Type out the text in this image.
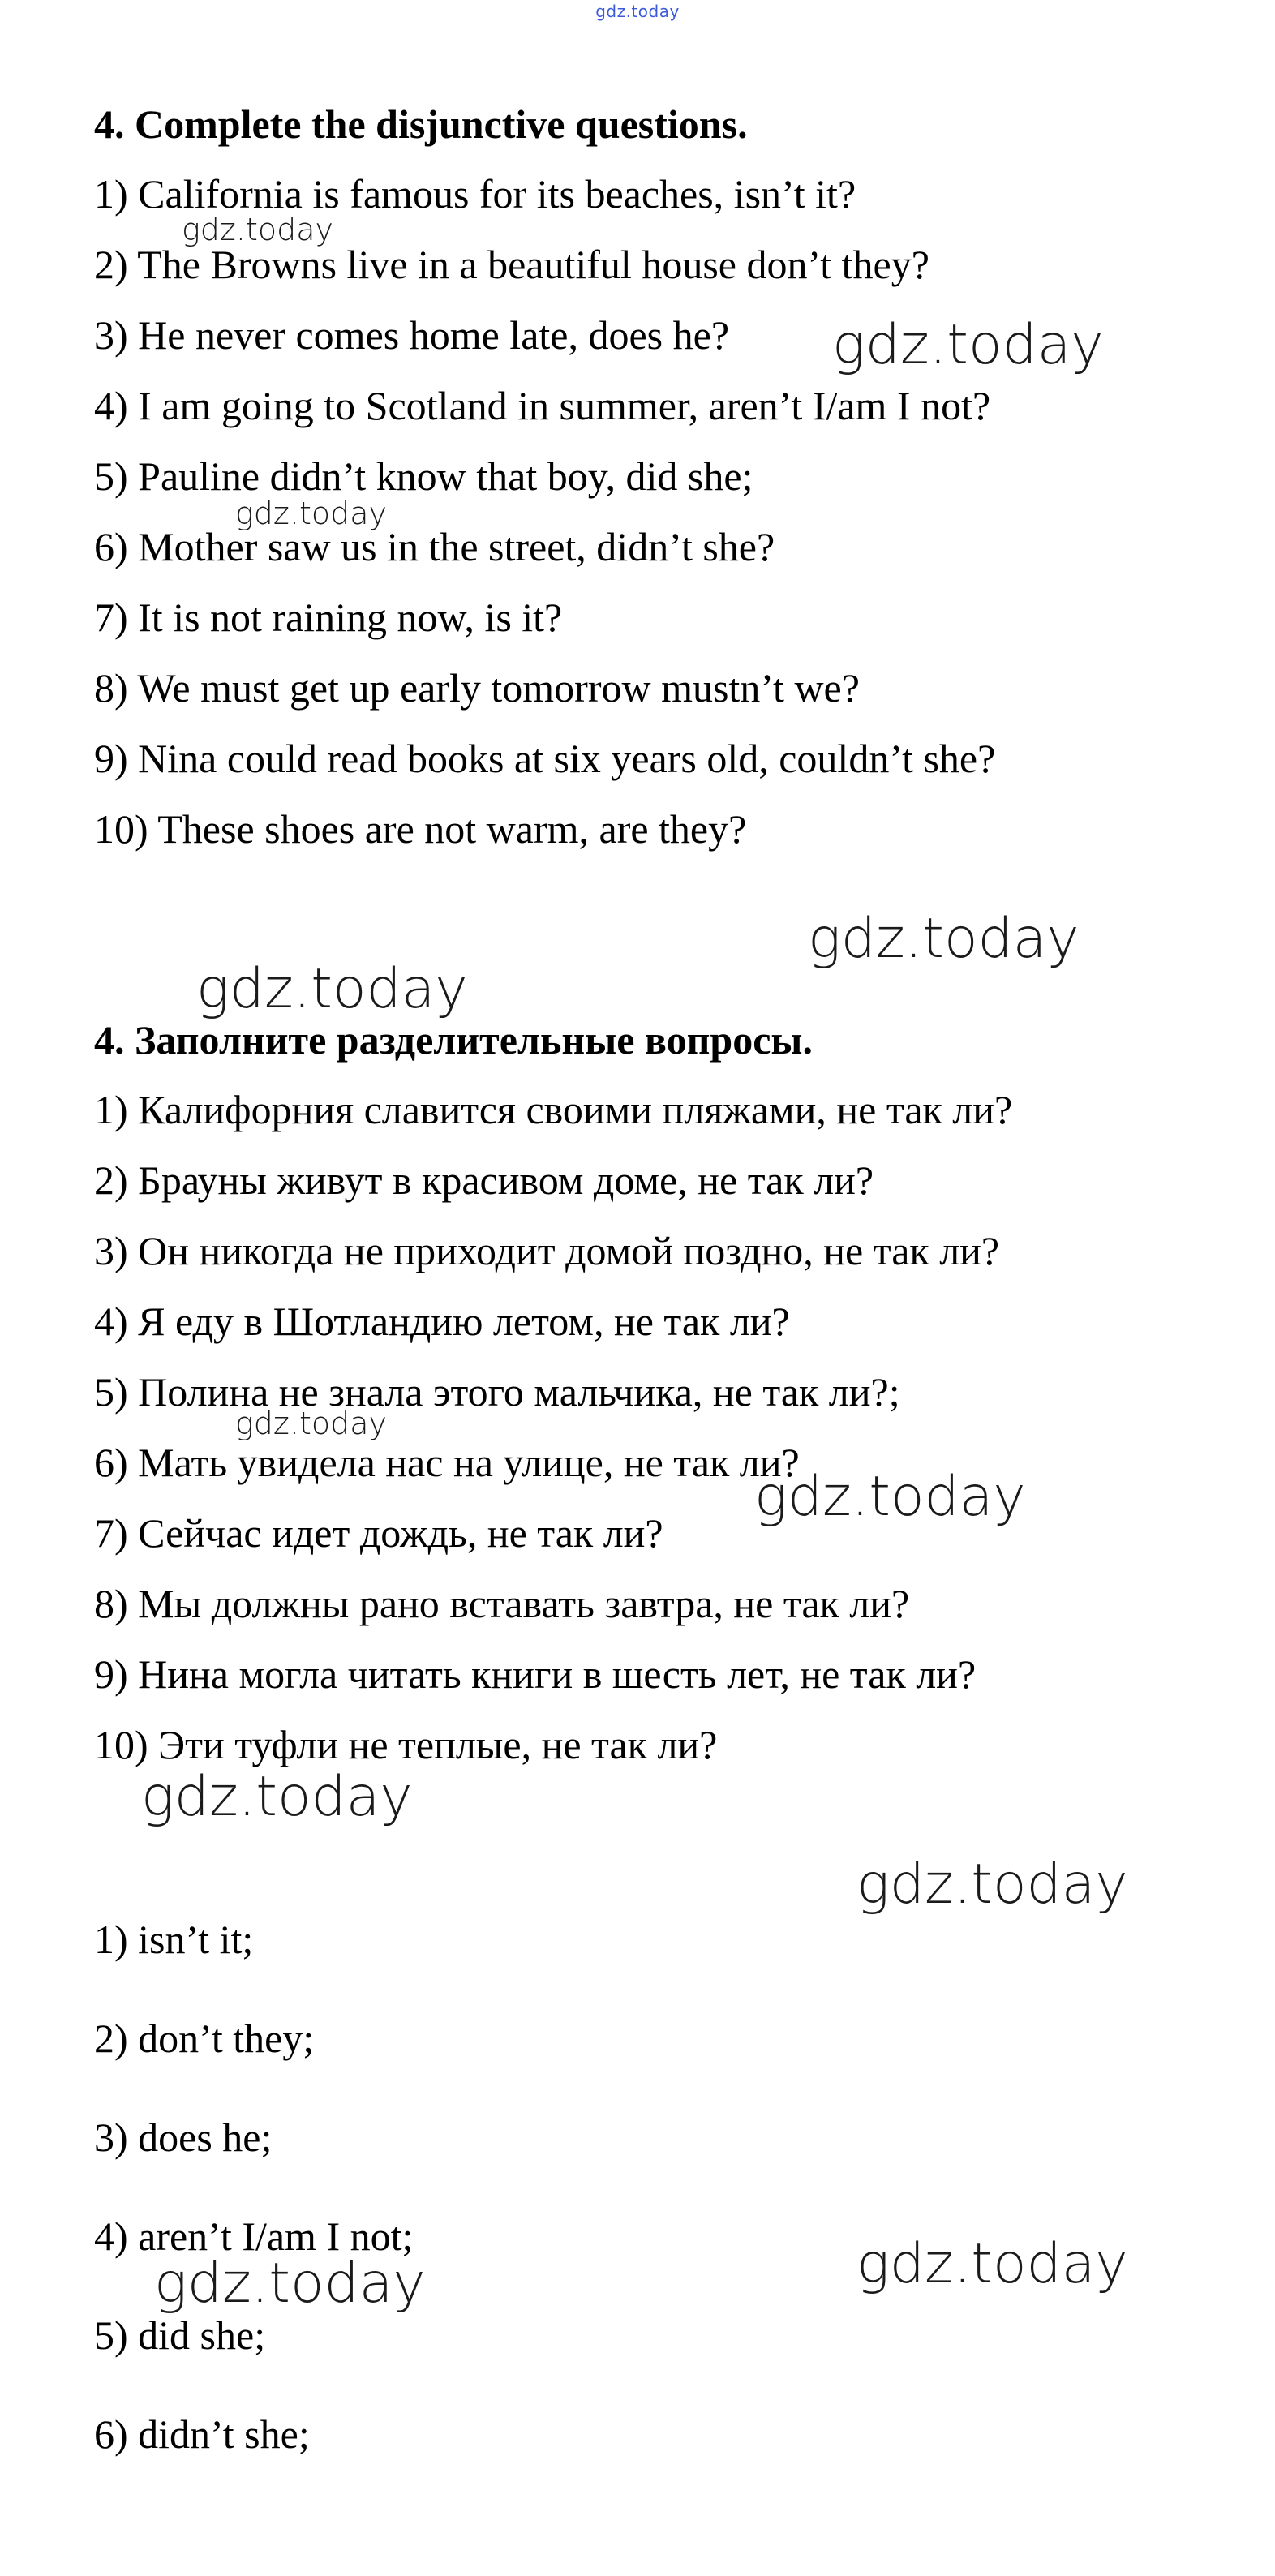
gdz.today
4. Complete the disjunctive questions.
1) California is famous for its beaches, isn’t it?
2) The Browns live in a beautiful house don’t they?
3) He never comes home late, does he?
4) I am going to Scotland in summer, aren’t I/am I not?
5) Pauline didn’t know that boy, did she;
6) Mother saw us in the street, didn’t she?
7) It is not raining now, is it?
8) We must get up early tomorrow mustn’t we?
9) Nina could read books at six years old, couldn’t she?
10) These shoes are not warm, are they?
4. Заполните разделительные вопросы.
1) Калифорния славится своими пляжами, не так ли?
2) Брауны живут в красивом доме, не так ли?
3) Он никогда не приходит домой поздно, не так ли?
4) Я еду в Шотландию летом, не так ли?
5) Полина не знала этого мальчика, не так ли?;
6) Мать увидела нас на улице, не так ли?
7) Сейчас идет дождь, не так ли?
8) Мы должны рано вставать завтра, не так ли?
9) Нина могла читать книги в шесть лет, не так ли?
10) Эти туфли не теплые, не так ли?
1) isn’t it;
2) don’t they;
3) does he;
4) aren’t I/am I not;
5) did she;
6) didn’t she;
gdz.today
gdz.today
gdz.today
gdz.today
gdz.today
gdz.today
gdz.today
gdz.today
gdz.today
gdz.today	gdz.today
